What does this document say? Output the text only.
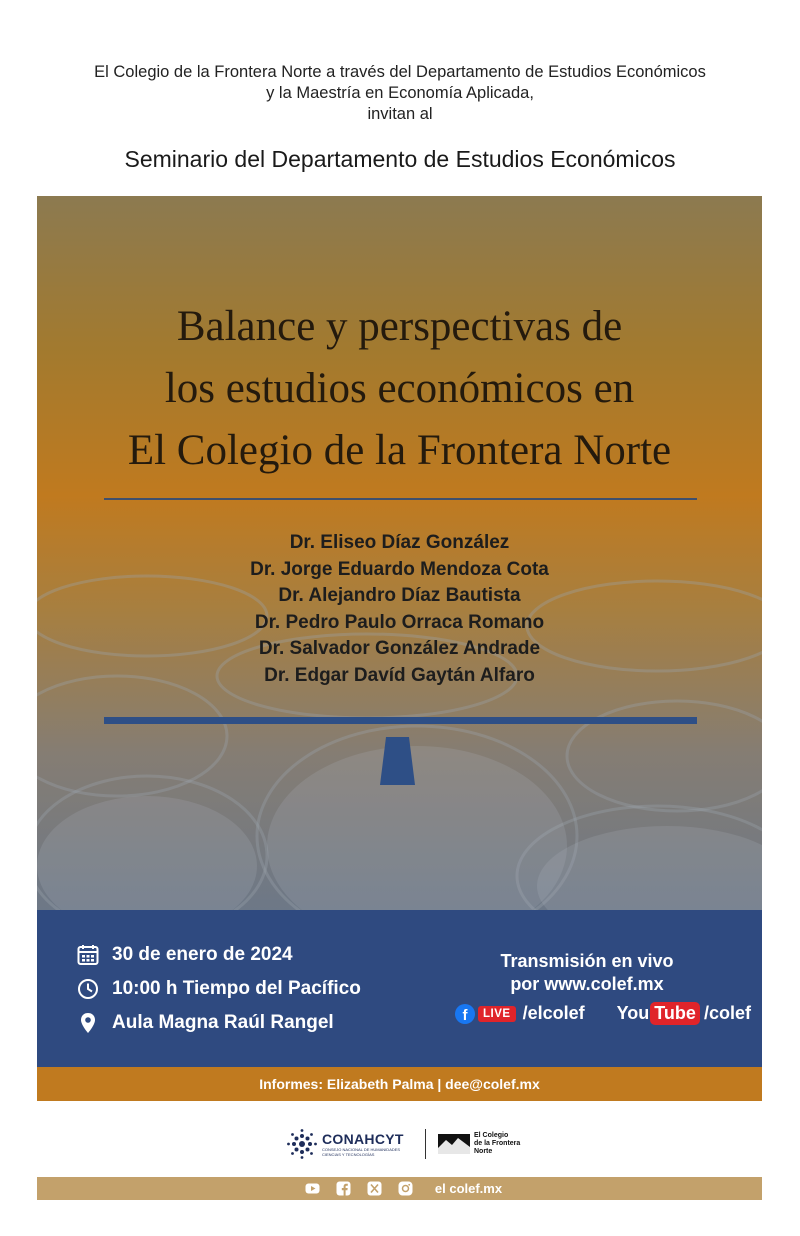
El Colegio de la Frontera Norte a través del Departamento de Estudios Económicos
y la Maestría en Economía Aplicada,
invitan al
Seminario del Departamento de Estudios Económicos
Balance y perspectivas de
los estudios económicos en
El Colegio de la Frontera Norte
Dr. Eliseo Díaz González
Dr. Jorge Eduardo Mendoza Cota
Dr. Alejandro Díaz Bautista
Dr. Pedro Paulo Orraca Romano
Dr. Salvador González Andrade
Dr. Edgar Davíd Gaytán Alfaro
30 de enero de 2024
10:00 h Tiempo del Pacífico
Aula Magna Raúl Rangel
Transmisión en vivo
por www.colef.mx
f	LIVE /elcolef You Tube /colef
Informes: Elizabeth Palma | dee@colef.mx
CONAHCYT
CONSEJO NACIONAL DE HUMANIDADES CIENCIAS Y TECNOLOGÍAS
El Colegio
de la Frontera
Norte
el colef.mx
